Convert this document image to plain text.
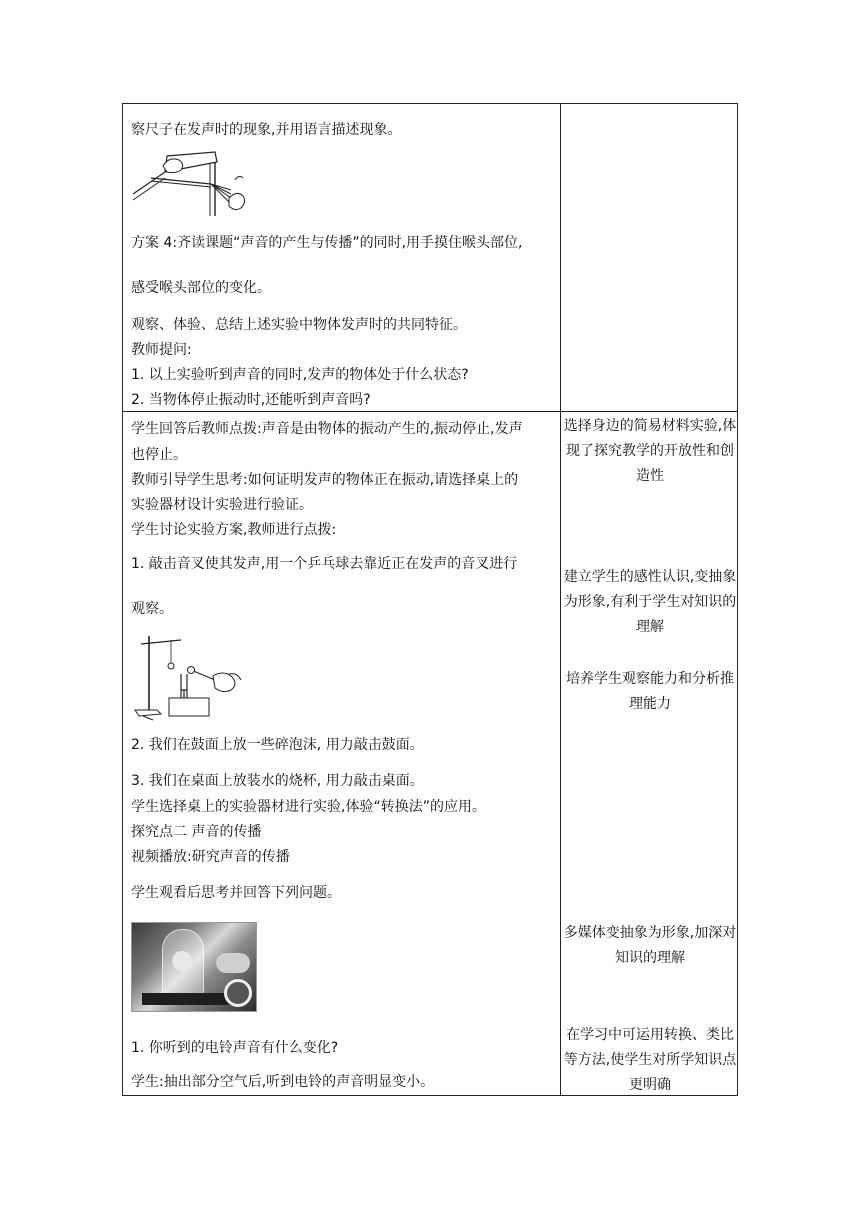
察尺子在发声时的现象,并用语言描述现象。
方案 4:齐读课题“声音的产生与传播”的同时,用手摸住喉头部位,
感受喉头部位的变化。
观察、体验、总结上述实验中物体发声时的共同特征。
教师提问:
1. 以上实验听到声音的同时,发声的物体处于什么状态?
2. 当物体停止振动时,还能听到声音吗?
学生回答后教师点拨:声音是由物体的振动产生的,振动停止,发声
也停止。
教师引导学生思考:如何证明发声的物体正在振动,请选择桌上的
实验器材设计实验进行验证。
学生讨论实验方案,教师进行点拨:
1. 敲击音叉使其发声,用一个乒乓球去靠近正在发声的音叉进行
观察。
2. 我们在鼓面上放一些碎泡沫, 用力敲击鼓面。
3. 我们在桌面上放装水的烧杯, 用力敲击桌面。
学生选择桌上的实验器材进行实验,体验“转换法”的应用。
探究点二 声音的传播
视频播放:研究声音的传播
学生观看后思考并回答下列问题。
1. 你听到的电铃声音有什么变化?
学生:抽出部分空气后,听到电铃的声音明显变小。
选择身边的简易材料实验,体现了探究教学的开放性和创造性
建立学生的感性认识,变抽象为形象,有利于学生对知识的理解
培养学生观察能力和分析推理能力
多媒体变抽象为形象,加深对知识的理解
在学习中可运用转换、类比等方法,使学生对所学知识点更明确
